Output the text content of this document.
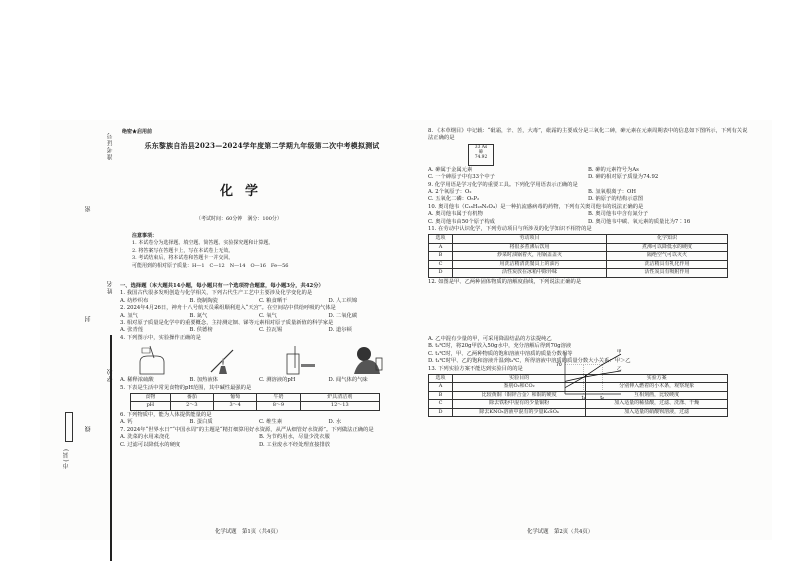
准考证号
姓名
市(县)
密
封
线
绝密★启用前
乐东黎族自治县2023—2024学年度第二学期九年级第二次中考模拟测试
化学
（考试时间：60分钟　满分：100分）
注意事项：
1. 本试卷分为选择题、填空题、简答题、实验探究题和计算题。
2. 将答案写在答题卡上，写在本试卷上无效。
3. 考试结束后，将本试卷和答题卡一并交回。
可能用到的相对原子质量：H—1　C—12　N—14　O—16　Fe—56
一、选择题（本大题共14小题，每小题只有一个选项符合题意，每小题3分，共42分）
1. 我国古代很多发明创造与化学相关，下列古代生产工艺中主要涉及化学变化的是
A. 纺纱织布	B. 烧制陶瓷	C. 粮食晒干	D. 人工织锦
2. 2024年4月26日，神舟十八号航天员乘组顺利进入“天宫”。在空间站中供给呼吸的气体是
A. 氢气	B. 氮气	C. 氧气	D. 二氧化碳
3. 相对原子质量是化学中的重要概念，主持测定铟、锑等元素相对原子质量新值的科学家是
A. 张青莲	B. 侯德榜	C. 拉瓦锡	D. 道尔顿
4. 下列图示中，实验操作正确的是
A. 稀释浓硫酸	B. 加热液体	C. 测溶液的pH	D. 闻气体的气味
5. 下表是生活中常见食物的pH范围，其中碱性最强的是
食物	番茄	葡萄	牛奶	炉具清洁剂
pH	2～3	3～4	8～9	12～13
6. 下列物质中，能为人体提供能量的是
A. 钙	B. 蛋白质	C. 维生素	D. 水
7. 2024年“世界水日”“中国水周”的主题是“精打细算用好水资源，从严从细管好水资源”。下列做法正确的是
A. 洗菜的水用来浇花	B. 为节约用水，尽量少洗衣服
C. 过滤可以降低水的硬度	D. 工业废水不经处理直接排放
8. 《本草纲目》中记载：“砒霜，辛、苦，大毒”，砒霜的主要成分是三氧化二砷，砷元素在元素周期表中的信息如下图所示，下列有关说法正确的是
33 As
砷
74.92
A. 砷属于金属元素	B. 砷的元素符号为As
C. 一个砷原子中有33个中子	D. 砷的相对原子质量为74.92
9. 化学用语是学习化学的重要工具。下列化学用语表示正确的是
A. 2个氧原子：O₂	B. 氢氧根离子：OH
C. 五氧化二磷：O₅P₂	D. 钠原子的结构示意图
10. 奥司他韦（C₁₆H₂₈N₂O₄）是一种抗流感病毒的药物，下列有关奥司他韦的说法正确的是
A. 奥司他韦属于有机物	B. 奥司他韦中含有氮分子
C. 奥司他韦由50个原子构成	D. 奥司他韦中碳、氧元素的质量比为7∶16
11. 在劳动中认识化学，下列劳动项目与所涉及的化学知识不相符的是
选项	劳动项目	化学知识
A	将很多煮沸后饮用	煮沸可以降低水的硬度
B	炒菜时油锅着火，用锅盖盖灭	隔绝空气可以灭火
C	用洗洁精清洗餐具上的油污	洗洁精具有乳化作用
D	活性炭放在冰箱中除异味	活性炭具有吸附作用
12. 如图是甲、乙两种固体物质的溶解度曲线，下列说法正确的是
A. 乙中混有少量的甲，可采用降温结晶的方法提纯乙
B. t₂℃时，将20g甲放入50g水中，充分溶解后得到70g溶液
C. t₁℃时，甲、乙两种物质的饱和溶液中溶质的质量分数相等
D. t₁℃时甲、乙的饱和溶液升温到t₂℃，所得溶液中溶质的质量分数大小关系：甲＞乙
13. 下列实验方案不能达到实验目的的是
选项	实验目的	实验方案
A	鉴别O₂和CO₂	分别伸入燃着的小木条，观察现象
B	比较黄铜（铜锌合金）和铜的硬度	互相刻画，比较硬度
C	除去铁粉中混有的少量铜粉	加入适量的稀盐酸，过滤、洗涤、干燥
D	除去KNO₃溶液中混有的少量K₂SO₄	加入适量的硝酸钡溶液，过滤
70
t₁	t₂
甲
乙
化学试题　第1页（共4页）	化学试题　第2页（共4页）
